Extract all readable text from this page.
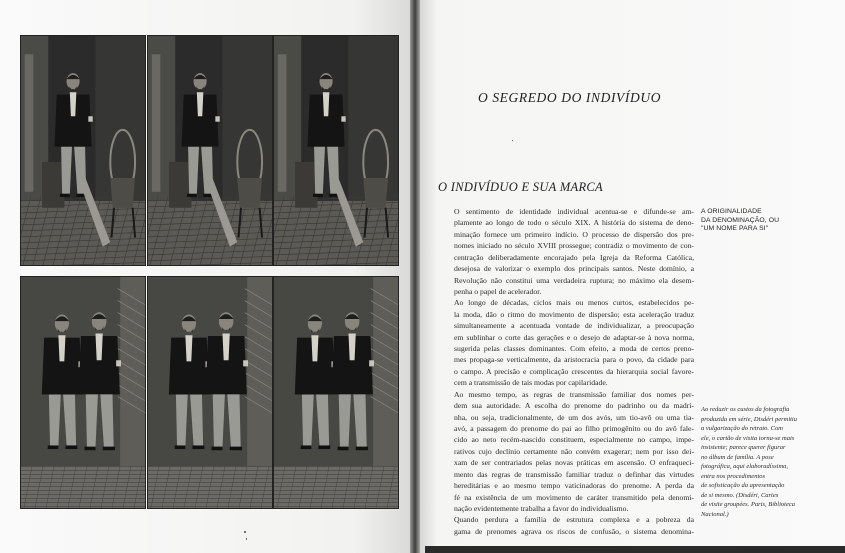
O SEGREDO DO INDIVÍDUO
O INDIVÍDUO E SUA MARCA

O sentimento de identidade individual acentua-se e difunde-se am-
plamente ao longo de todo o século XIX. A história do sistema de deno-
minação fornece um primeiro indício. O processo de dispersão dos pre-
nomes iniciado no século XVIII prossegue; contradiz o movimento de con-
centração deliberadamente encorajado pela Igreja da Reforma Católica,
desejosa de valorizar o exemplo dos principais santos. Neste domínio, a
Revolução não constitui uma verdadeira ruptura; no máximo ela desem-
penha o papel de acelerador.

Ao longo de décadas, ciclos mais ou menos curtos, estabelecidos pe-
la moda, dão o ritmo do movimento de dispersão; esta aceleração traduz
simultaneamente a acentuada vontade de individualizar, a preocupação
em sublinhar o corte das gerações e o desejo de adaptar-se à nova norma,
sugerida pelas classes dominantes. Com efeito, a moda de certos preno-
mes propaga-se verticalmente, da aristocracia para o povo, da cidade para
o campo. A precisão e complicação crescentes da hierarquia social favore-
cem a transmissão de tais modas por capilaridade.

Ao mesmo tempo, as regras de transmissão familiar dos nomes per-
dem sua autoridade. A escolha do prenome do padrinho ou da madri-
nha, ou seja, tradicionalmente, de um dos avós, um tio-avô ou uma tia-
avó, a passagem do prenome do pai ao filho primogênito ou do avô fale-
cido ao neto recém-nascido constituem, especialmente no campo, impe-
rativos cujo declínio certamente não convém exagerar; nem por isso dei-
xam de ser contrariados pelas novas práticas em ascensão. O enfraqueci-
mento das regras de transmissão familiar traduz o definhar das virtudes
hereditárias e ao mesmo tempo vaticinadoras do prenome. A perda da
fé na existência de um movimento de caráter transmitido pela denomi-
nação evidentemente trabalha a favor do individualismo.

Quando perdura a família de estrutura complexa e a pobreza da
gama de prenomes agrava os riscos de confusão, o sistema denomina-

A ORIGINALIDADE
DA DENOMINAÇÃO, OU
"UM NOME PARA SI"
Ao reduzir os custos da fotografia
produzida em série, Disdéri permitiu
a vulgarização do retrato. Com
ele, o cartão de visita torna-se mais
insistente; parece querer figurar
no álbum de família. A pose
fotográfica, aqui elaboradíssima,
entra nos procedimentos
de sofisticação da apresentação
de si mesmo. (Disdéri, Cartes
de visite groupées. Paris, Biblioteca
Nacional.)
